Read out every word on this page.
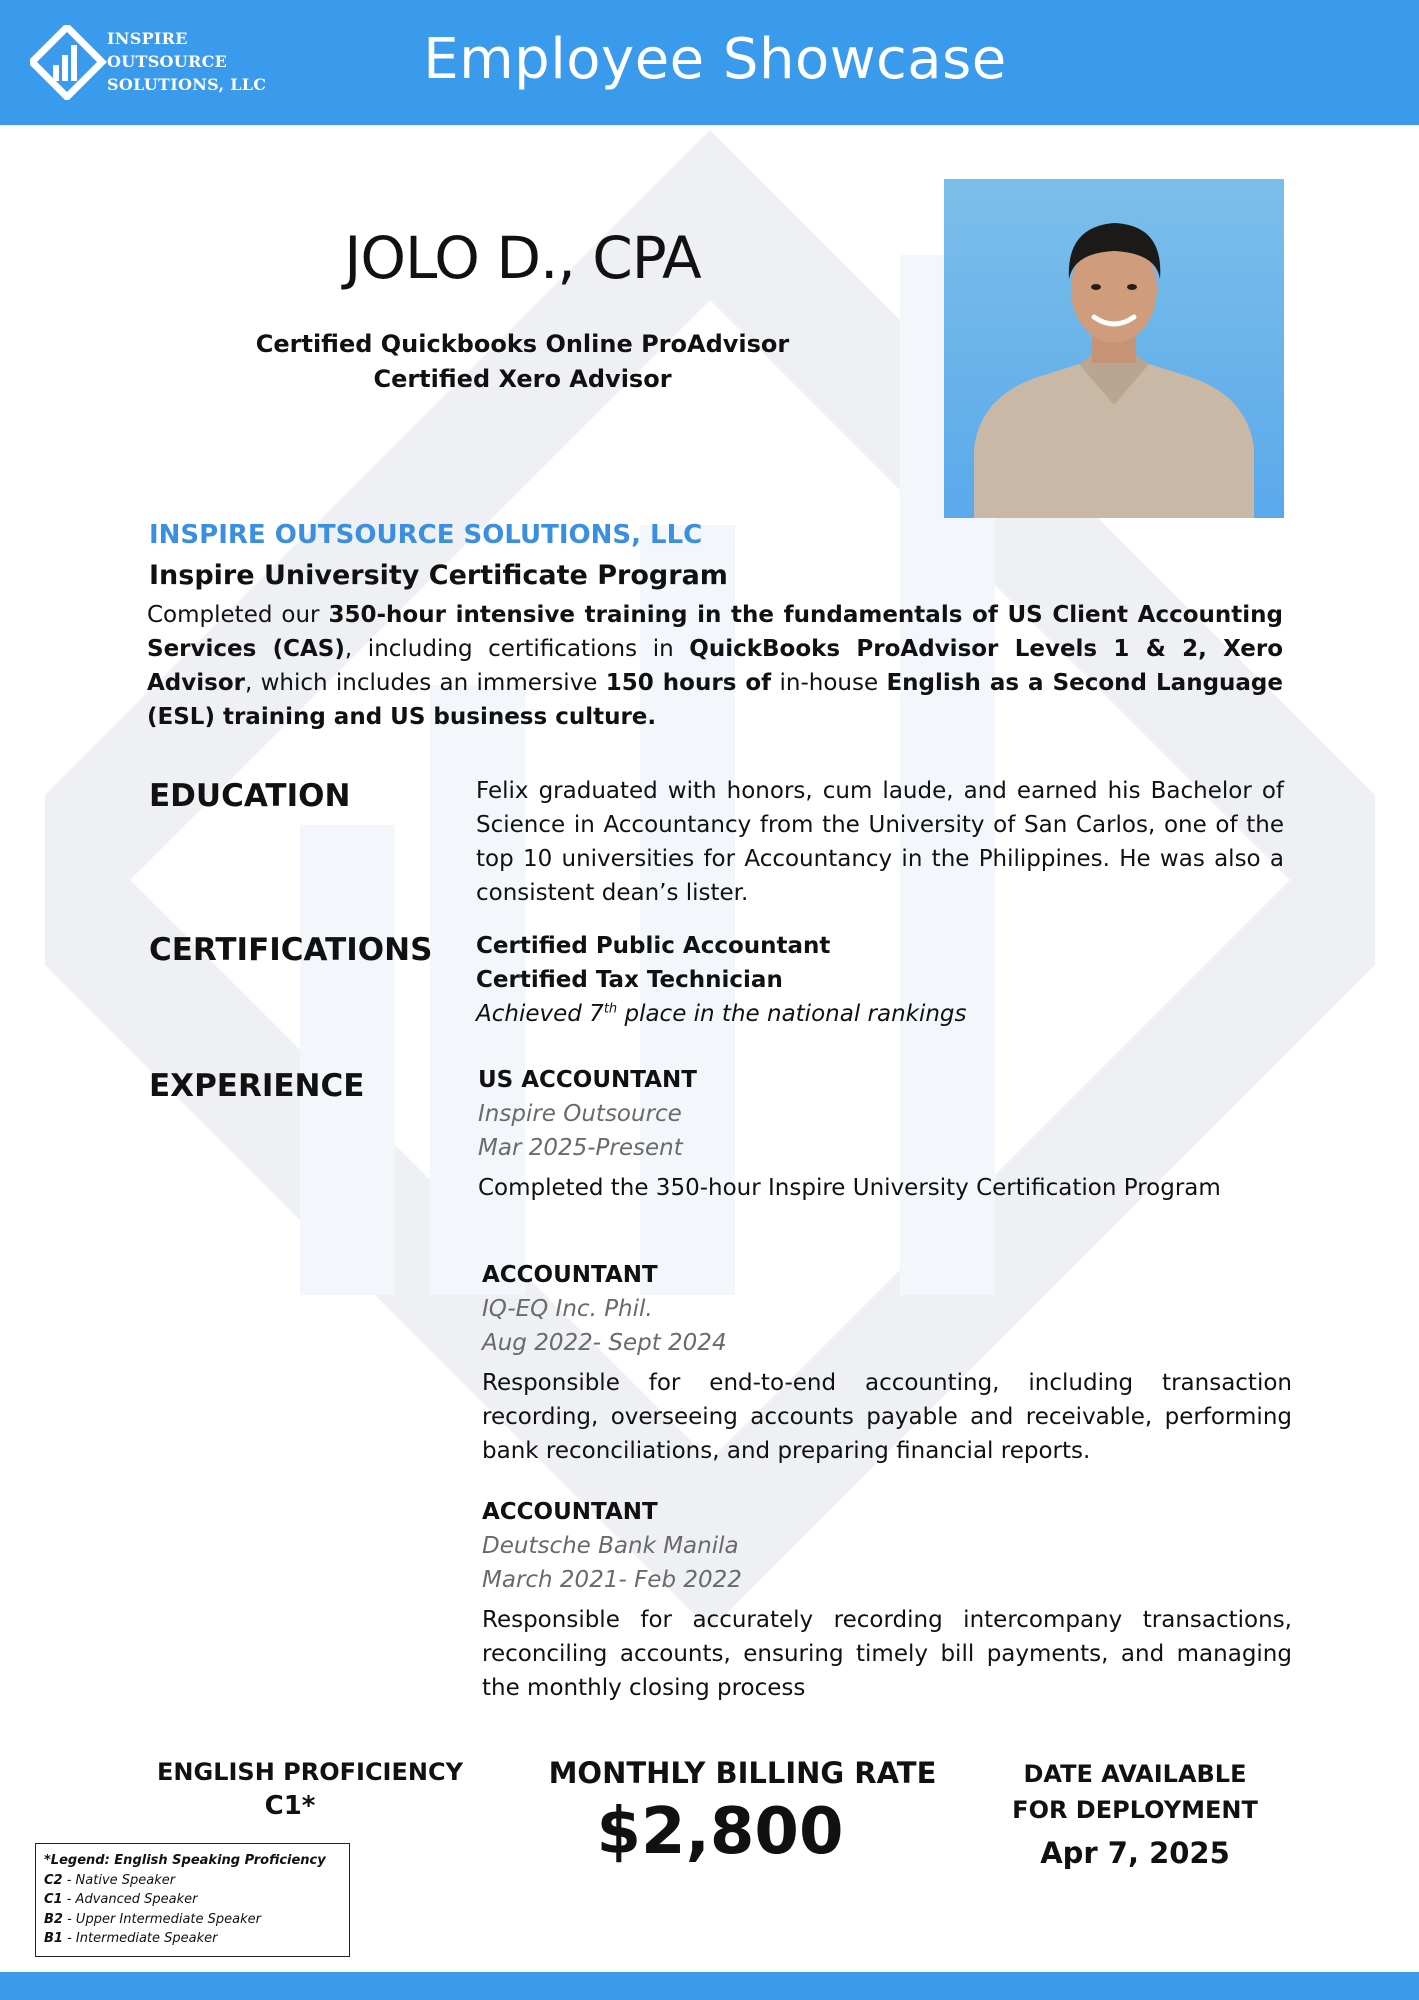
INSPIRE
OUTSOURCE
SOLUTIONS, LLC	Employee Showcase
JOLO D., CPA
Certified Quickbooks Online ProAdvisor
Certified Xero Advisor
INSPIRE OUTSOURCE SOLUTIONS, LLC
Inspire University Certificate Program
Completed our 350-hour intensive training in the fundamentals of US Client Accounting Services (CAS), including certifications in QuickBooks ProAdvisor Levels 1 & 2, Xero Advisor, which includes an immersive 150 hours of in-house English as a Second Language (ESL) training and US business culture.
EDUCATION	Felix graduated with honors, cum laude, and earned his Bachelor of Science in Accountancy from the University of San Carlos, one of the top 10 universities for Accountancy in the Philippines. He was also a consistent dean’s lister.
CERTIFICATIONS Certified Public Accountant
Certified Tax Technician
Achieved 7th place in the national rankings
EXPERIENCE	US ACCOUNTANT
Inspire Outsource
Mar 2025-Present
Completed the 350-hour Inspire University Certification Program
ACCOUNTANT
IQ-EQ Inc. Phil.
Aug 2022- Sept 2024
Responsible for end-to-end accounting, including transaction recording, overseeing accounts payable and receivable, performing bank reconciliations, and preparing financial reports.
ACCOUNTANT
Deutsche Bank Manila
March 2021- Feb 2022
Responsible for accurately recording intercompany transactions, reconciling accounts, ensuring timely bill payments, and managing the monthly closing process
ENGLISH PROFICIENCY
C1*
MONTHLY BILLING RATE
$2,800
DATE AVAILABLE
FOR DEPLOYMENT
Apr 7, 2025
*Legend: English Speaking Proficiency
C2 - Native Speaker
C1 - Advanced Speaker
B2 - Upper Intermediate Speaker
B1 - Intermediate Speaker
